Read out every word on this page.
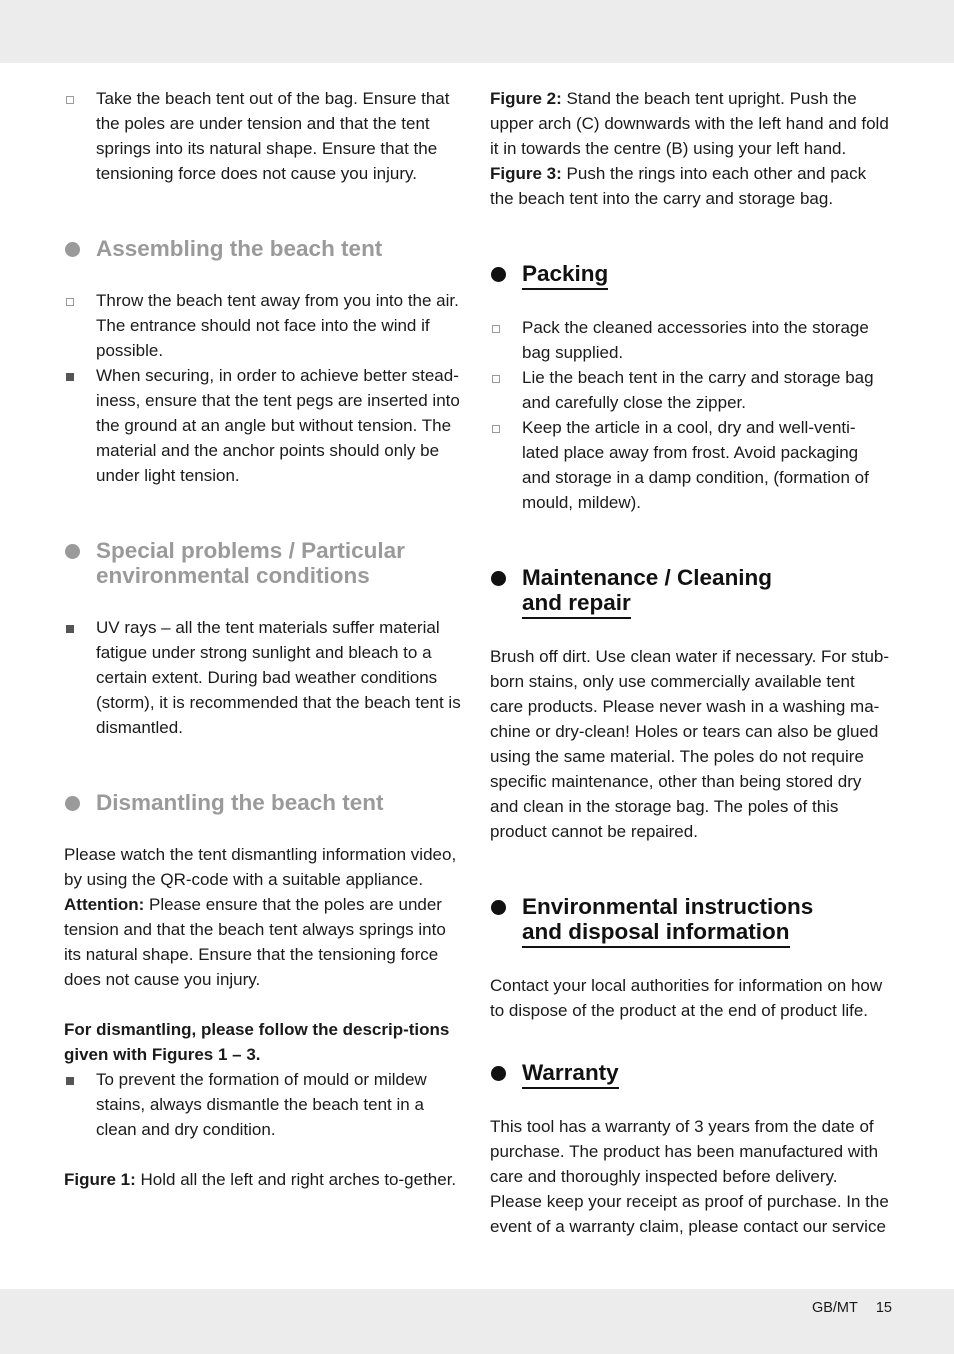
Take the beach tent out of the bag. Ensure that the poles are under tension and that the tent springs into its natural shape. Ensure that the tensioning force does not cause you injury.
Assembling the beach tent
Throw the beach tent away from you into the air. The entrance should not face into the wind if possible.
When securing, in order to achieve better stead-iness, ensure that the tent pegs are inserted into the ground at an angle but without tension. The material and the anchor points should only be under light tension.
Special problems / Particular
environmental conditions
UV rays – all the tent materials suffer material fatigue under strong sunlight and bleach to a certain extent. During bad weather conditions (storm), it is recommended that the beach tent is dismantled.
Dismantling the beach tent

Please watch the tent dismantling information video, by using the QR-code with a suitable appliance.
Attention: Please ensure that the poles are under tension and that the beach tent always springs into its natural shape. Ensure that the tensioning force does not cause you injury.

For dismantling, please follow the descrip-tions given with Figures 1 – 3.

To prevent the formation of mould or mildew stains, always dismantle the beach tent in a clean and dry condition.

Figure 1: Hold all the left and right arches to-gether.

Figure 2: Stand the beach tent upright. Push the upper arch (C) downwards with the left hand and fold it in towards the centre (B) using your left hand.
Figure 3: Push the rings into each other and pack the beach tent into the carry and storage bag.

Packing
Pack the cleaned accessories into the storage bag supplied.
Lie the beach tent in the carry and storage bag and carefully close the zipper.
Keep the article in a cool, dry and well-venti-lated place away from frost. Avoid packaging and storage in a damp condition, (formation of mould, mildew).
Maintenance / Cleaning
and repair

Brush off dirt. Use clean water if necessary. For stub-born stains, only use commercially available tent care products. Please never wash in a washing ma-chine or dry-clean! Holes or tears can also be glued using the same material. The poles do not require specific maintenance, other than being stored dry and clean in the storage bag. The poles of this product cannot be repaired.

Environmental instructions
and disposal information

Contact your local authorities for information on how to dispose of the product at the end of product life.

Warranty

This tool has a warranty of 3 years from the date of purchase. The product has been manufactured with care and thoroughly inspected before delivery. Please keep your receipt as proof of purchase. In the event of a warranty claim, please contact our service

GB/MT 15
